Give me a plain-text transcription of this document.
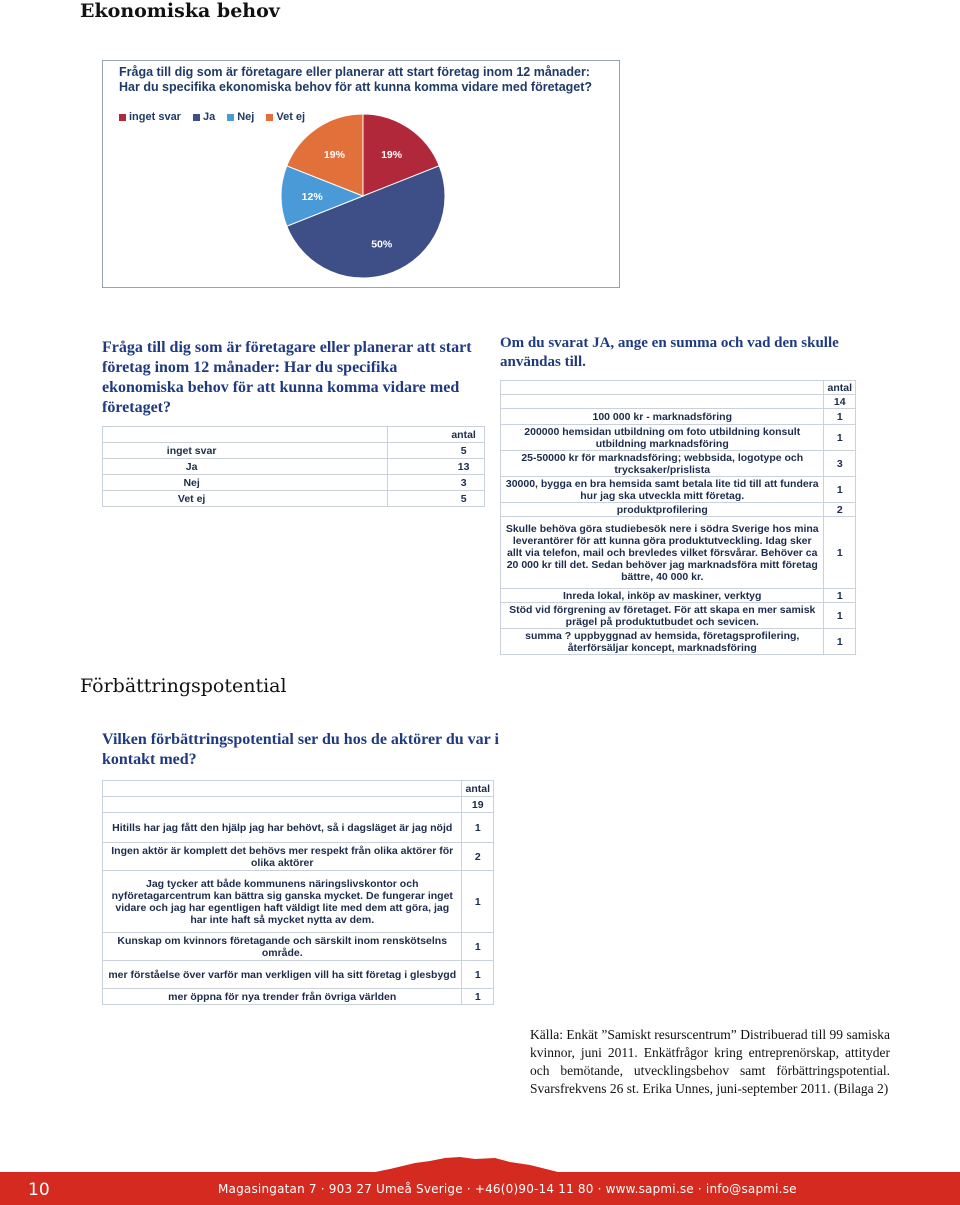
Ekonomiska behov
Fråga till dig som är företagare eller planerar att start företag inom 12 månader: Har du specifika ekonomiska behov för att kunna komma vidare med företaget?
inget svar Ja Nej Vet ej
19%
50%
12%
19%
Fråga till dig som är företagare eller planerar att start företag inom 12 månader: Har du specifika ekonomiska behov för att kunna komma vidare med företaget?
	antal
inget svar	5
Ja	13
Nej	3
Vet ej	5
Om du svarat JA, ange en summa och vad den skulle användas till.
	antal
	14
100 000 kr - marknadsföring	1
200000 hemsidan utbildning om foto utbildning konsult utbildning marknadsföring	1
25-50000 kr för marknadsföring; webbsida, logotype och trycksaker/prislista	3
30000, bygga en bra hemsida samt betala lite tid till att fundera hur jag ska utveckla mitt företag.	1
produktprofilering	2
Skulle behöva göra studiebesök nere i södra Sverige hos mina leverantörer för att kunna göra produktutveckling. Idag sker allt via telefon, mail och brevledes vilket försvårar. Behöver ca 20 000 kr till det. Sedan behöver jag marknadsföra mitt företag bättre, 40 000 kr.	1
Inreda lokal, inköp av maskiner, verktyg	1
Stöd vid förgrening av företaget. För att skapa en mer samisk prägel på produktutbudet och sevicen.	1
summa ? uppbyggnad av hemsida, företagsprofilering, återförsäljar koncept, marknadsföring	1
Förbättringspotential
Vilken förbättringspotential ser du hos de aktörer du var i kontakt med?
	antal
	19
Hitills har jag fått den hjälp jag har behövt, så i dagsläget är jag nöjd	1
Ingen aktör är komplett det behövs mer respekt från olika aktörer för olika aktörer	2
Jag tycker att både kommunens näringslivskontor och nyföretagarcentrum kan bättra sig ganska mycket. De fungerar inget vidare och jag har egentligen haft väldigt lite med dem att göra, jag har inte haft så mycket nytta av dem.	1
Kunskap om kvinnors företagande och särskilt inom renskötselns område.	1
mer förståelse över varför man verkligen vill ha sitt företag i glesbygd	1
mer öppna för nya trender från övriga världen	1
Källa: Enkät ”Samiskt resurscentrum” Distribuerad till 99 samiska kvinnor, juni 2011. Enkätfrågor kring entreprenörskap, attityder och bemötande, utvecklingsbehov samt förbättringspotential. Svarsfrekvens 26 st. Erika Unnes, juni-september 2011. (Bilaga 2)
10	Magasingatan 7 · 903 27 Umeå Sverige · +46(0)90-14 11 80 · www.sapmi.se · info@sapmi.se
